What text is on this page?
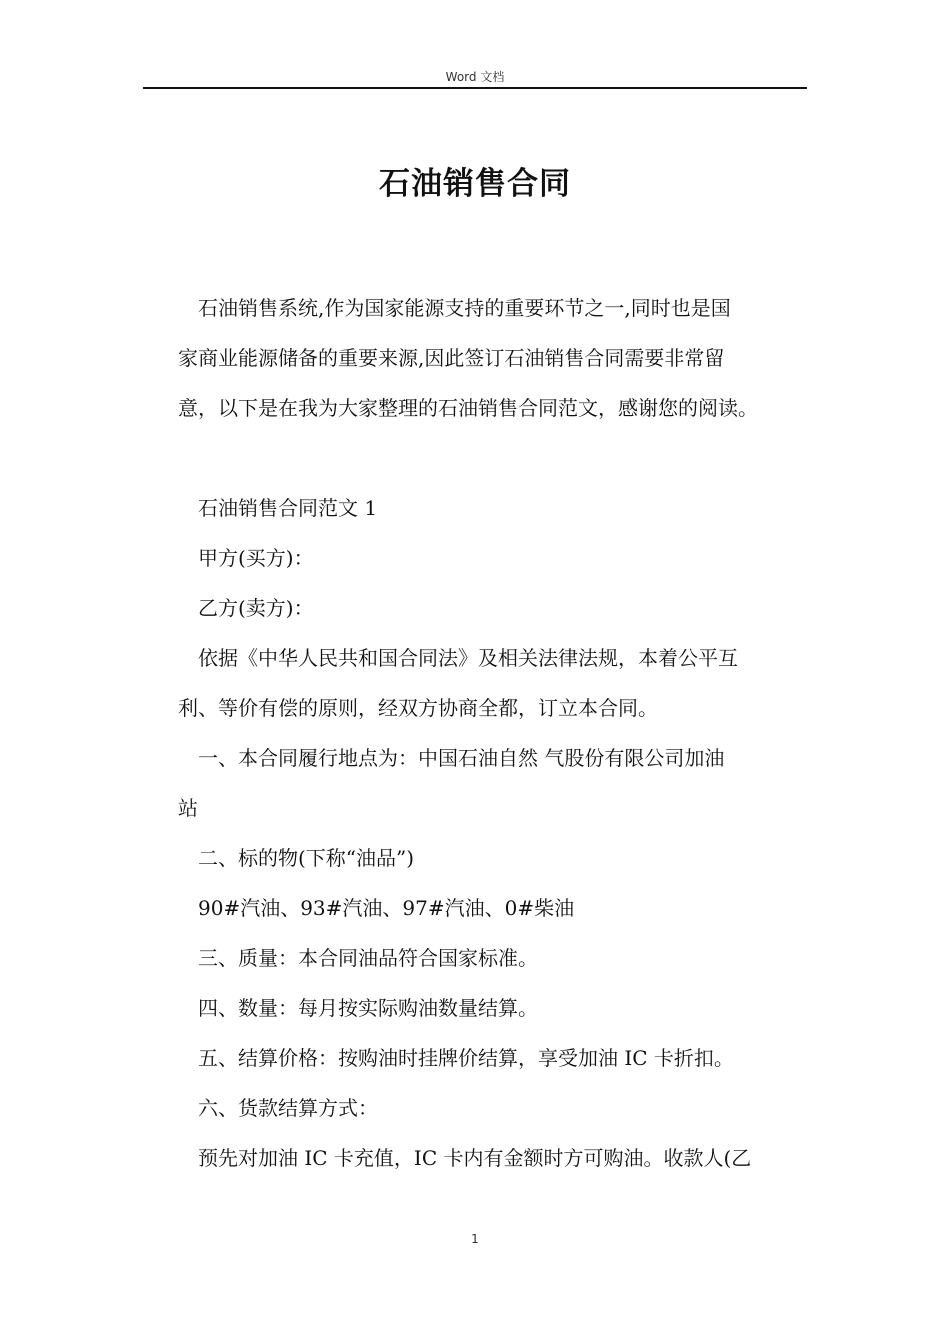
Word 文档
石油销售合同
石油销售系统,作为国家能源支持的重要环节之一,同时也是国
家商业能源储备的重要来源,因此签订石油销售合同需要非常留
意，以下是在我为大家整理的石油销售合同范文，感谢您的阅读。
石油销售合同范文 1
甲方(买方)：
乙方(卖方)：
依据《中华人民共和国合同法》及相关法律法规，本着公平互
利、等价有偿的原则，经双方协商全都，订立本合同。
一、本合同履行地点为：中国石油自然 气股份有限公司加油
站
二、标的物(下称“油品”)
90#汽油、93#汽油、97#汽油、0#柴油
三、质量：本合同油品符合国家标准。
四、数量：每月按实际购油数量结算。
五、结算价格：按购油时挂牌价结算，享受加油 IC 卡折扣。
六、货款结算方式：
预先对加油 IC 卡充值，IC 卡内有金额时方可购油。收款人(乙
1
